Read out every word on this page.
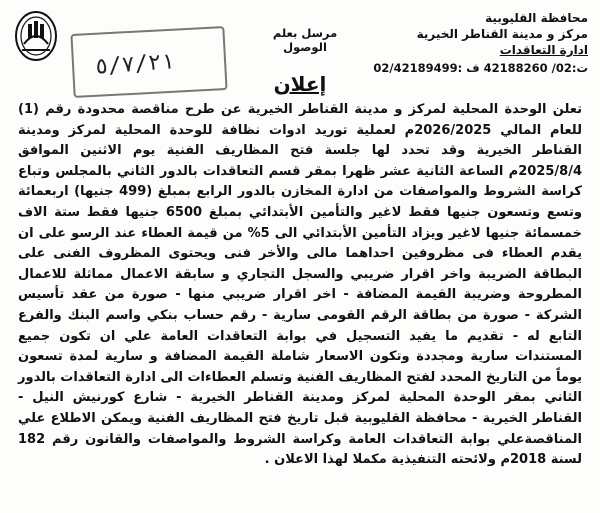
٥/٧/٢١
محافظة القليوبية
مركز و مدينة القناطر الخيرية
ادارة التعاقدات
ت:02/ 42188260 ف :02/42189499
مرسل بعلم الوصول
إعلان

تعلن الوحدة المحلية لمركز و مدينة القناطر الخيرية عن طرح مناقصة محدودة رقم (1) للعام المالي 2026/2025م لعملية توريد ادوات نظافة للوحدة المحلية لمركز ومدينة القناطر الخيرية وقد تحدد لها جلسة فتح المظاريف الفنية يوم الاثنين الموافق 2025/8/4م الساعة الثانية عشر ظهرا بمقر قسم التعاقدات بالدور الثاني بالمجلس وتباع كراسة الشروط والمواصفات من ادارة المخازن بالدور الرابع بمبلغ (499 جنيها) اربعمائة وتسع وتسعون جنيها فقط لاغير والتأمين الأبتدائي بمبلغ 6500 جنيها فقط ستة الاف خمسمائة جنيها لاغير ويزاد التأمين الأبتدائي الى 5% من قيمة العطاء عند الرسو على ان يقدم العطاء فى مظروفين احداهما مالى والأخر فنى ويحتوى المظروف الفنى على البطاقة الضريبة واخر اقرار ضريبي والسجل التجاري و سابقة الاعمال مماثلة للاعمال المطروحة وضريبة القيمة المضافة - اخر اقرار ضريبي منها - صورة من عقد تأسيس الشركة - صورة من بطاقة الرقم القومى سارية - رقم حساب بنكي واسم البنك والفرع التابع له - تقديم ما يفيد التسجيل في بوابة التعاقدات العامة علي ان تكون جميع المستندات سارية ومجددة وتكون الاسعار شاملة القيمة المضافة و سارية لمدة تسعون يوماً من التاريخ المحدد لفتح المظاريف الفنية وتسلم العطاءات الى ادارة التعاقدات بالدور الثاني بمقر الوحدة المحلية لمركز ومدينة القناطر الخيرية - شارع كورنيش النيل - القناطر الخيرية - محافظة القليوبية قبل تاريخ فتح المظاريف الفنية ويمكن الاطلاع علي المناقصةعلي بوابة التعاقدات العامة وكراسة الشروط والمواصفات والقانون رقم 182 لسنة 2018م ولائحته التنفيذية مكملا لهذا الاعلان .
